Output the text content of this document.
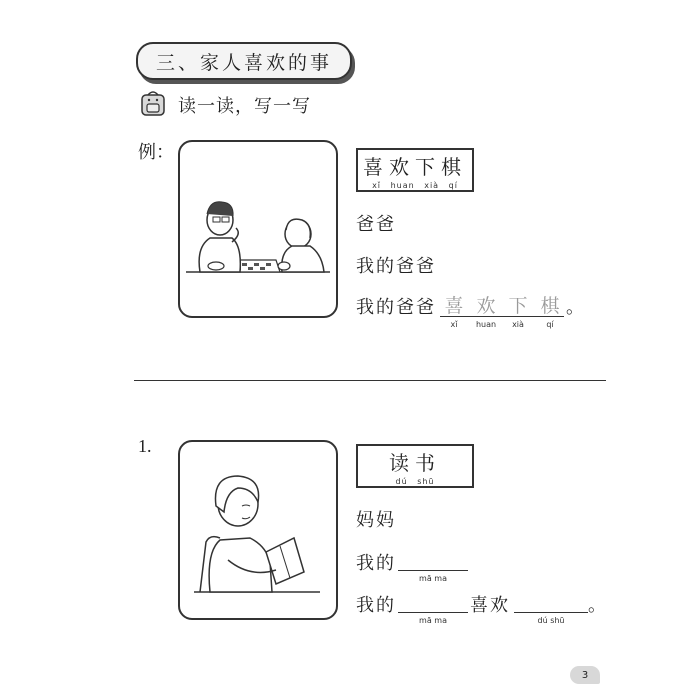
三、家人喜欢的事
读一读，写一写
例：
喜欢下棋
xǐ huan xià qí
爸爸
我的爸爸
我的爸爸 喜 欢 下 棋
xǐ	huan	xià	qí
。
1.
读书
dú shū
妈妈
我的
mā ma
我的
mā ma
喜欢
dú shū
。
3
